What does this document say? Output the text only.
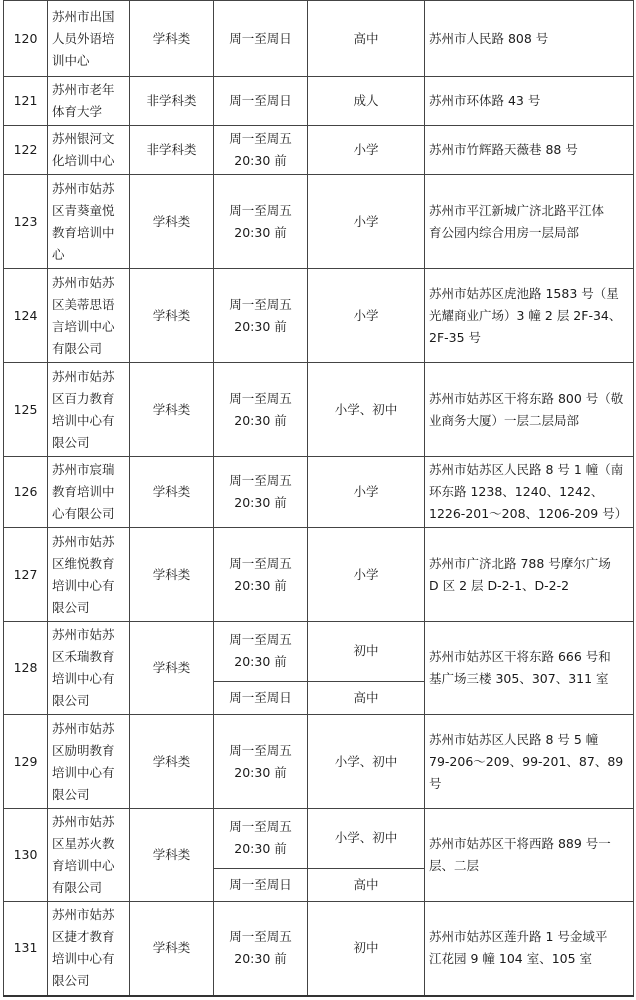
120	苏州市出国
人员外语培
训中心	学科类	周一至周日	高中	苏州市人民路 808 号

121	苏州市老年
体育大学	非学科类	周一至周日	成人	苏州市环体路 43 号

122	苏州银河文
化培训中心	非学科类	周一至周五
20:30 前	小学	苏州市竹辉路天薇巷 88 号

123	苏州市姑苏
区青葵童悦
教育培训中
心	学科类	周一至周五
20:30 前	小学	苏州市平江新城广济北路平江体
育公园内综合用房一层局部

124	苏州市姑苏
区美蒂思语
言培训中心
有限公司	学科类	周一至周五
20:30 前	小学	苏州市姑苏区虎池路 1583 号（星
光耀商业广场）3 幢 2 层 2F-34、
2F-35 号

125	苏州市姑苏
区百力教育
培训中心有
限公司	学科类	周一至周五
20:30 前	小学、初中	苏州市姑苏区干将东路 800 号（敬
业商务大厦）一层二层局部

126	苏州市宸瑞
教育培训中
心有限公司	学科类	周一至周五
20:30 前	小学	苏州市姑苏区人民路 8 号 1 幢（南
环东路 1238、1240、1242、
1226-201～208、1206-209 号）

127	苏州市姑苏
区维悦教育
培训中心有
限公司	学科类	周一至周五
20:30 前	小学	苏州市广济北路 788 号摩尔广场
D 区 2 层 D-2-1、D-2-2

128	苏州市姑苏
区禾瑞教育
培训中心有
限公司	学科类	周一至周五
20:30 前	初中	苏州市姑苏区干将东路 666 号和
基广场三楼 305、307、311 室

			周一至周日	高中	

129	苏州市姑苏
区励明教育
培训中心有
限公司	学科类	周一至周五
20:30 前	小学、初中	苏州市姑苏区人民路 8 号 5 幢
79-206～209、99-201、87、89
号

130	苏州市姑苏
区星苏火教
育培训中心
有限公司	学科类	周一至周五
20:30 前	小学、初中	苏州市姑苏区干将西路 889 号一
层、二层

			周一至周日	高中	

131	苏州市姑苏
区捷才教育
培训中心有
限公司	学科类	周一至周五
20:30 前	初中	苏州市姑苏区莲升路 1 号金域平
江花园 9 幢 104 室、105 室
